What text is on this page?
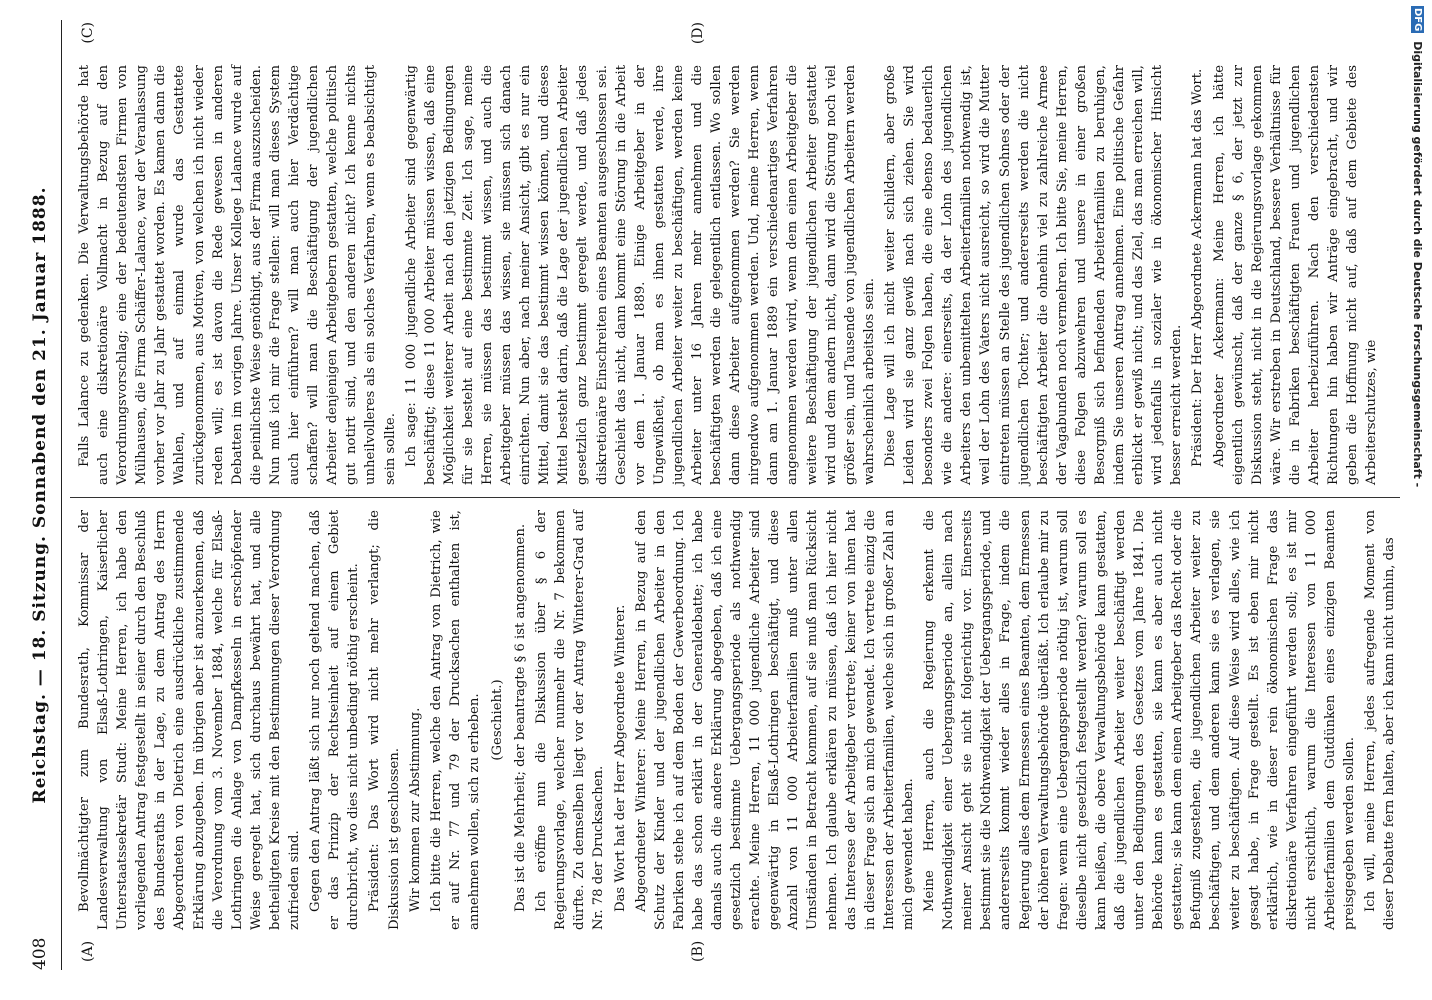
408
Reichstag. — 18. Sitzung. Sonnabend den 21. Januar 1888.
(A)	(B)
(C)	(D)

Bevollmächtigter zum Bundesrath, Kommissar der Landesverwaltung von Elsaß-Lothringen, Kaiserlicher Unterstaatssekretär Studt: Meine Herren, ich habe den vorliegenden Antrag festgestellt in seiner durch den Beschluß des Bundesraths in der Lage, zu dem Antrag des Herrn Abgeordneten von Dietrich eine ausdrückliche zustimmende Erklärung abzugeben. Im übrigen aber ist anzuerkennen, daß die Verordnung vom 3. November 1884, welche für Elsaß-Lothringen die Anlage von Dampfkesseln in erschöpfender Weise geregelt hat, sich durchaus bewährt hat, und alle betheiligten Kreise mit den Bestimmungen dieser Verordnung zufrieden sind. Gegen den Antrag läßt sich nur noch geltend machen, daß er das Prinzip der Rechtseinheit auf einem Gebiet durchbricht, wo dies nicht unbedingt nöthig erscheint. Präsident: Das Wort wird nicht mehr verlangt; die Diskussion ist geschlossen. Wir kommen zur Abstimmung. Ich bitte die Herren, welche den Antrag von Dietrich, wie er auf Nr. 77 und 79 der Drucksachen enthalten ist, annehmen wollen, sich zu erheben. (Geschieht.) Das ist die Mehrheit; der beantragte § 6 ist angenommen. Ich eröffne nun die Diskussion über § 6 der Regierungsvorlage, welcher nunmehr die Nr. 7 bekommen dürfte. Zu demselben liegt vor der Antrag Winterer-Grad auf Nr. 78 der Drucksachen. Das Wort hat der Herr Abgeordnete Winterer. Abgeordneter Winterer: Meine Herren, in Bezug auf den Schutz der Kinder und der jugendlichen Arbeiter in den Fabriken stehe ich auf dem Boden der Gewerbeordnung. Ich habe das schon erklärt in der Generaldebatte; ich habe damals auch die andere Erklärung abgegeben, daß ich eine gesetzlich bestimmte Uebergangsperiode als nothwendig erachte. Meine Herren, 11 000 jugendliche Arbeiter sind gegenwärtig in Elsaß-Lothringen beschäftigt, und diese Anzahl von 11 000 Arbeiterfamilien muß unter allen Umständen in Betracht kommen, auf sie muß man Rücksicht nehmen. Ich glaube erklären zu müssen, daß ich hier nicht das Interesse der Arbeitgeber vertrete; keiner von ihnen hat in dieser Frage sich an mich gewendet. Ich vertrete einzig die Interessen der Arbeiterfamilien, welche sich in großer Zahl an mich gewendet haben. Meine Herren, auch die Regierung erkennt die Nothwendigkeit einer Uebergangsperiode an, allein nach meiner Ansicht geht sie nicht folgerichtig vor. Einerseits bestimmt sie die Nothwendigkeit der Uebergangsperiode, und andererseits kommt wieder alles in Frage, indem die Regierung alles dem Ermessen eines Beamten, dem Ermessen der höheren Verwaltungsbehörde überläßt. Ich erlaube mir zu fragen: wenn eine Uebergangsperiode nöthig ist, warum soll dieselbe nicht gesetzlich festgestellt werden? warum soll es kann heißen, die obere Verwaltungsbehörde kann gestatten, daß die jugendlichen Arbeiter weiter beschäftigt werden unter den Bedingungen des Gesetzes vom Jahre 1841. Die Behörde kann es gestatten, sie kann es aber auch nicht gestatten; sie kann dem einen Arbeitgeber das Recht oder die Befugniß zugestehen, die jugendlichen Arbeiter weiter zu beschäftigen, und dem anderen kann sie es verlagen, sie weiter zu beschäftigen. Auf diese Weise wird alles, wie ich gesagt habe, in Frage gestellt. Es ist eben mir nicht erklärlich, wie in dieser rein ökonomischen Frage das diskretionäre Verfahren eingeführt werden soll; es ist mir nicht ersichtlich, warum die Interessen von 11 000 Arbeiterfamilien dem Gutdünken eines einzigen Beamten preisgegeben werden sollen. Ich will, meine Herren, jedes aufregende Moment von dieser Debatte fern halten, aber ich kann nicht umhin, das

Falls Lalance zu gedenken. Die Verwaltungsbehörde hat auch eine diskretionäre Vollmacht in Bezug auf den Verordnungsvorschlag; eine der bedeutendsten Firmen von Mülhausen, die Firma Schäffer-Lalance, war der Veranlassung vorher vor Jahr zu Jahr gestattet worden. Es kamen dann die Wahlen, und auf einmal wurde das Gestattete zurückgenommen, aus Motiven, von welchen ich nicht wieder reden will; es ist davon die Rede gewesen in anderen Debatten im vorigen Jahre. Unser Kollege Lalance wurde auf die peinlichste Weise genöthigt, aus der Firma auszuscheiden. Nun muß ich mir die Frage stellen: will man dieses System auch hier einführen? will man auch hier Verdächtige schaffen? will man die Beschäftigung der jugendlichen Arbeiter denjenigen Arbeitgebern gestatten, welche politisch gut notirt sind, und den anderen nicht? Ich kenne nichts unheilvolleres als ein solches Verfahren, wenn es beabsichtigt sein sollte. Ich sage: 11 000 jugendliche Arbeiter sind gegenwärtig beschäftigt; diese 11 000 Arbeiter müssen wissen, daß eine Möglichkeit weiterer Arbeit nach den jetzigen Bedingungen für sie besteht auf eine bestimmte Zeit. Ich sage, meine Herren, sie müssen das bestimmt wissen, und auch die Arbeitgeber müssen das wissen, sie müssen sich danach einrichten. Nun aber, nach meiner Ansicht, gibt es nur ein Mittel, damit sie das bestimmt wissen können, und dieses Mittel besteht darin, daß die Lage der jugendlichen Arbeiter gesetzlich ganz bestimmt geregelt werde, und daß jedes diskretionäre Einschreiten eines Beamten ausgeschlossen sei. Geschieht das nicht, dann kommt eine Störung in die Arbeit vor dem 1. Januar 1889. Einige Arbeitgeber in der Ungewißheit, ob man es ihnen gestatten werde, ihre jugendlichen Arbeiter weiter zu beschäftigen, werden keine Arbeiter unter 16 Jahren mehr annehmen und die beschäftigten werden die gelegentlich entlassen. Wo sollen dann diese Arbeiter aufgenommen werden? Sie werden nirgendwo aufgenommen werden. Und, meine Herren, wenn dann am 1. Januar 1889 ein verschiedenartiges Verfahren angenommen werden wird, wenn dem einen Arbeitgeber die weitere Beschäftigung der jugendlichen Arbeiter gestattet wird und dem andern nicht, dann wird die Störung noch viel größer sein, und Tausende von jugendlichen Arbeitern werden wahrscheinlich arbeitslos sein. Diese Lage will ich nicht weiter schildern, aber große Leiden wird sie ganz gewiß nach sich ziehen. Sie wird besonders zwei Folgen haben, die eine ebenso bedauerlich wie die andere: einerseits, da der Lohn des jugendlichen Arbeiters den unbemittelten Arbeiterfamilien nothwendig ist, weil der Lohn des Vaters nicht ausreicht, so wird die Mutter eintreten müssen an Stelle des jugendlichen Sohnes oder der jugendlichen Tochter; und andererseits werden die nicht beschäftigten Arbeiter die ohnehin viel zu zahlreiche Armee der Vagabunden noch vermehren. Ich bitte Sie, meine Herren, diese Folgen abzuwehren und unsere in einer großen Besorgniß sich befindenden Arbeiterfamilien zu beruhigen, indem Sie unseren Antrag annehmen. Eine politische Gefahr erblickt er gewiß nicht; und das Ziel, das man erreichen will, wird jedenfalls in sozialer wie in ökonomischer Hinsicht besser erreicht werden. Präsident: Der Herr Abgeordnete Ackermann hat das Wort. Abgeordneter Ackermann: Meine Herren, ich hätte eigentlich gewünscht, daß der ganze § 6, der jetzt zur Diskussion steht, nicht in die Regierungsvorlage gekommen wäre. Wir erstreben in Deutschland, bessere Verhältnisse für die in Fabriken beschäftigten Frauen und jugendlichen Arbeiter herbeizuführen. Nach den verschiedensten Richtungen hin haben wir Anträge eingebracht, und wir geben die Hoffnung nicht auf, daß auf dem Gebiete des Arbeiterschutzes, wie

DFG Digitalisierung gefördert durch die Deutsche Forschungsgemeinschaft -
